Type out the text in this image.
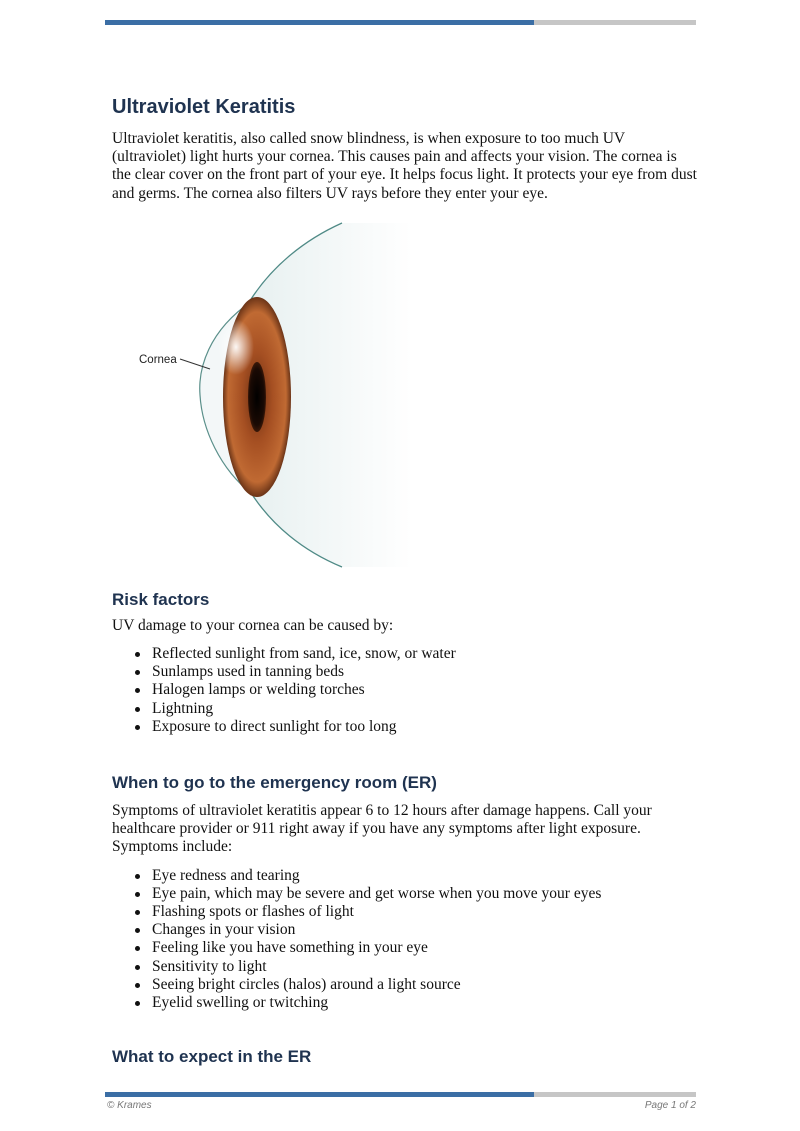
Ultraviolet Keratitis

Ultraviolet keratitis, also called snow blindness, is when exposure to too much UV (ultraviolet) light hurts your cornea. This causes pain and affects your vision. The cornea is the clear cover on the front part of your eye. It helps focus light. It protects your eye from dust and germs. The cornea also filters UV rays before they enter your eye.

Cornea
Risk factors

UV damage to your cornea can be caused by:

Reflected sunlight from sand, ice, snow, or water
Sunlamps used in tanning beds
Halogen lamps or welding torches
Lightning
Exposure to direct sunlight for too long
When to go to the emergency room (ER)

Symptoms of ultraviolet keratitis appear 6 to 12 hours after damage happens. Call your healthcare provider or 911 right away if you have any symptoms after light exposure. Symptoms include:

Eye redness and tearing
Eye pain, which may be severe and get worse when you move your eyes
Flashing spots or flashes of light
Changes in your vision
Feeling like you have something in your eye
Sensitivity to light
Seeing bright circles (halos) around a light source
Eyelid swelling or twitching
What to expect in the ER
© Krames	Page 1 of 2
